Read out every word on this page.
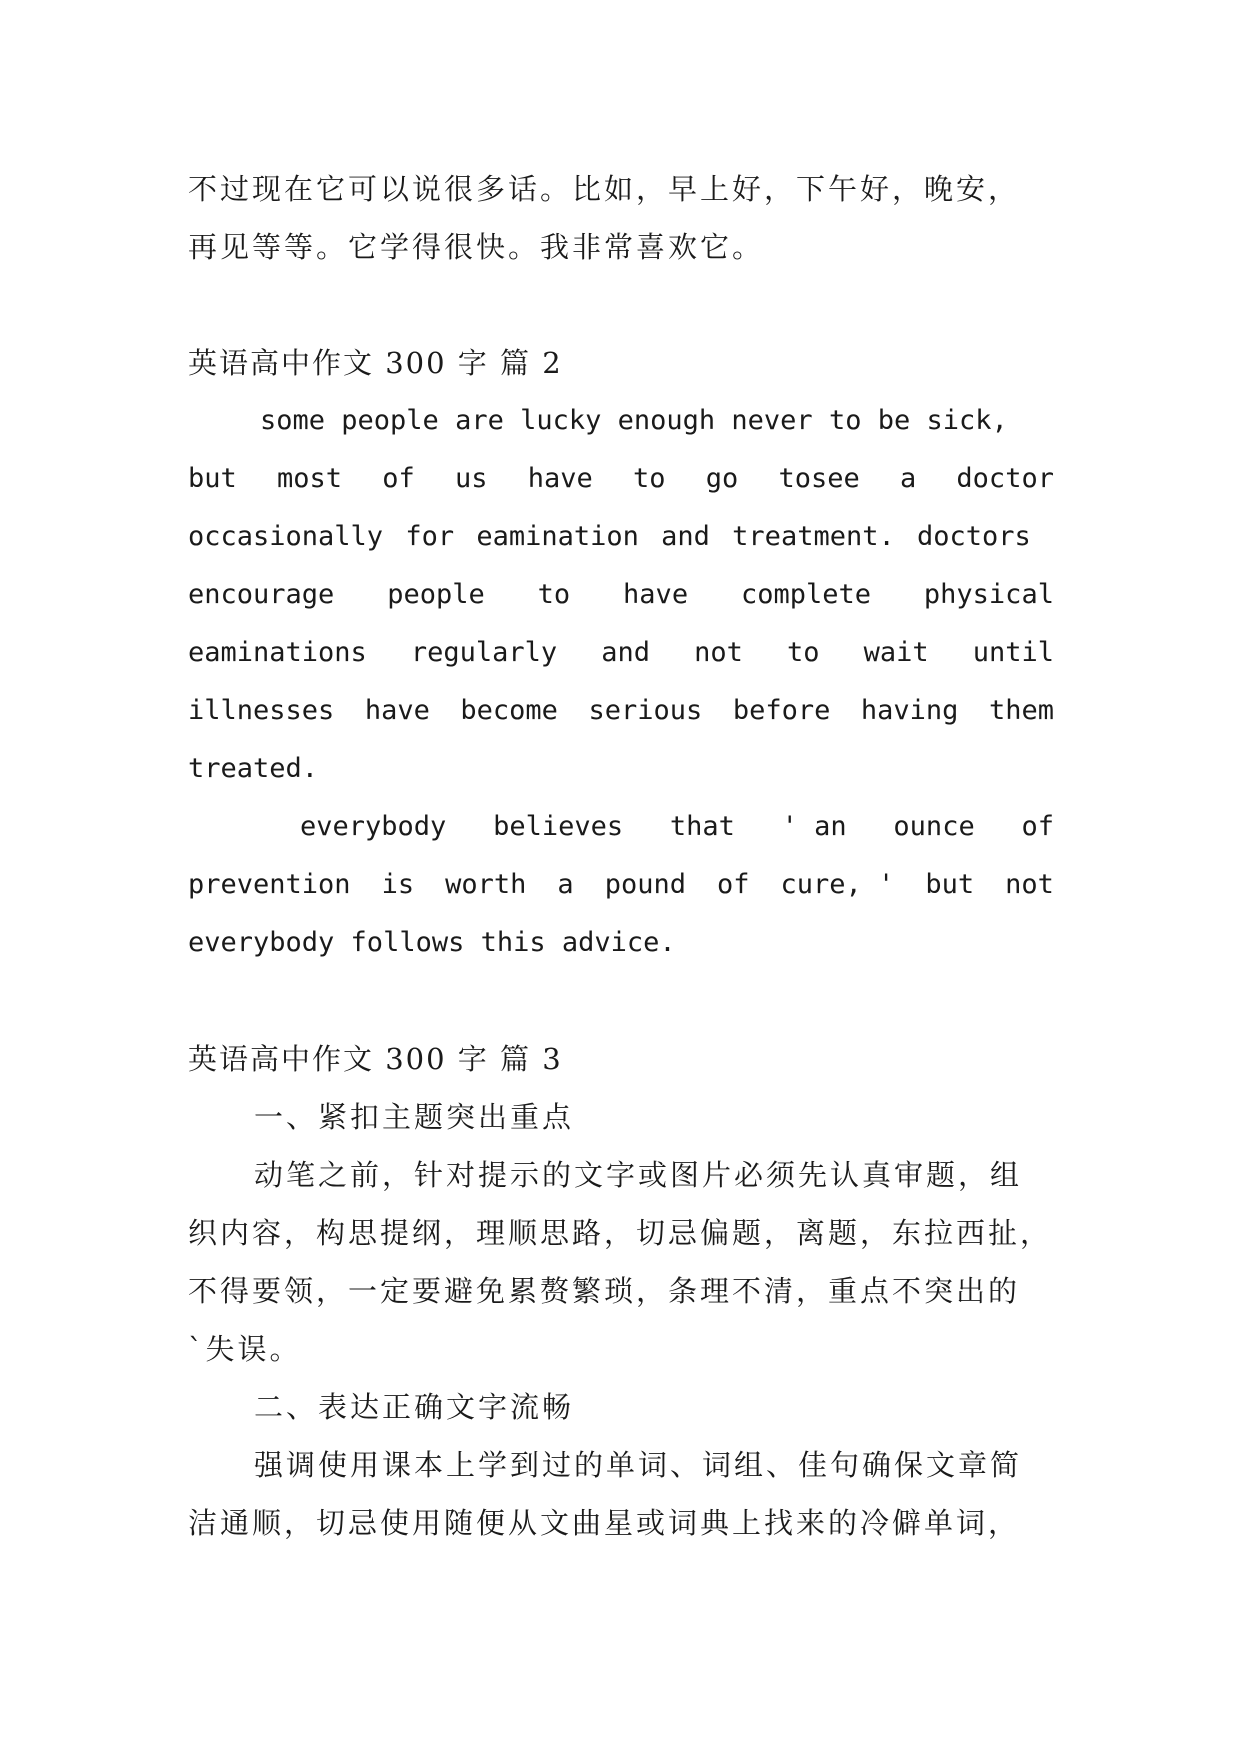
不过现在它可以说很多话。比如，早上好，下午好，晚安，
再见等等。它学得很快。我非常喜欢它。
英语高中作文 300 字 篇 2
some people are lucky enough never to be sick,
but most of us have to go tosee a doctor
occasionally for eamination and treatment. doctors
encourage people to have complete physical
eaminations regularly and not to wait until
illnesses have become serious before having them
treated.
everybody believes that ' an ounce of
prevention is worth a pound of cure, ' but not
everybody follows this advice.
英语高中作文 300 字 篇 3
一、紧扣主题突出重点
动笔之前，针对提示的文字或图片必须先认真审题，组
织内容，构思提纲，理顺思路，切忌偏题，离题，东拉西扯，
不得要领，一定要避免累赘繁琐，条理不清，重点不突出的
`失误。
二、表达正确文字流畅
强调使用课本上学到过的单词、词组、佳句确保文章简
洁通顺，切忌使用随便从文曲星或词典上找来的冷僻单词，
